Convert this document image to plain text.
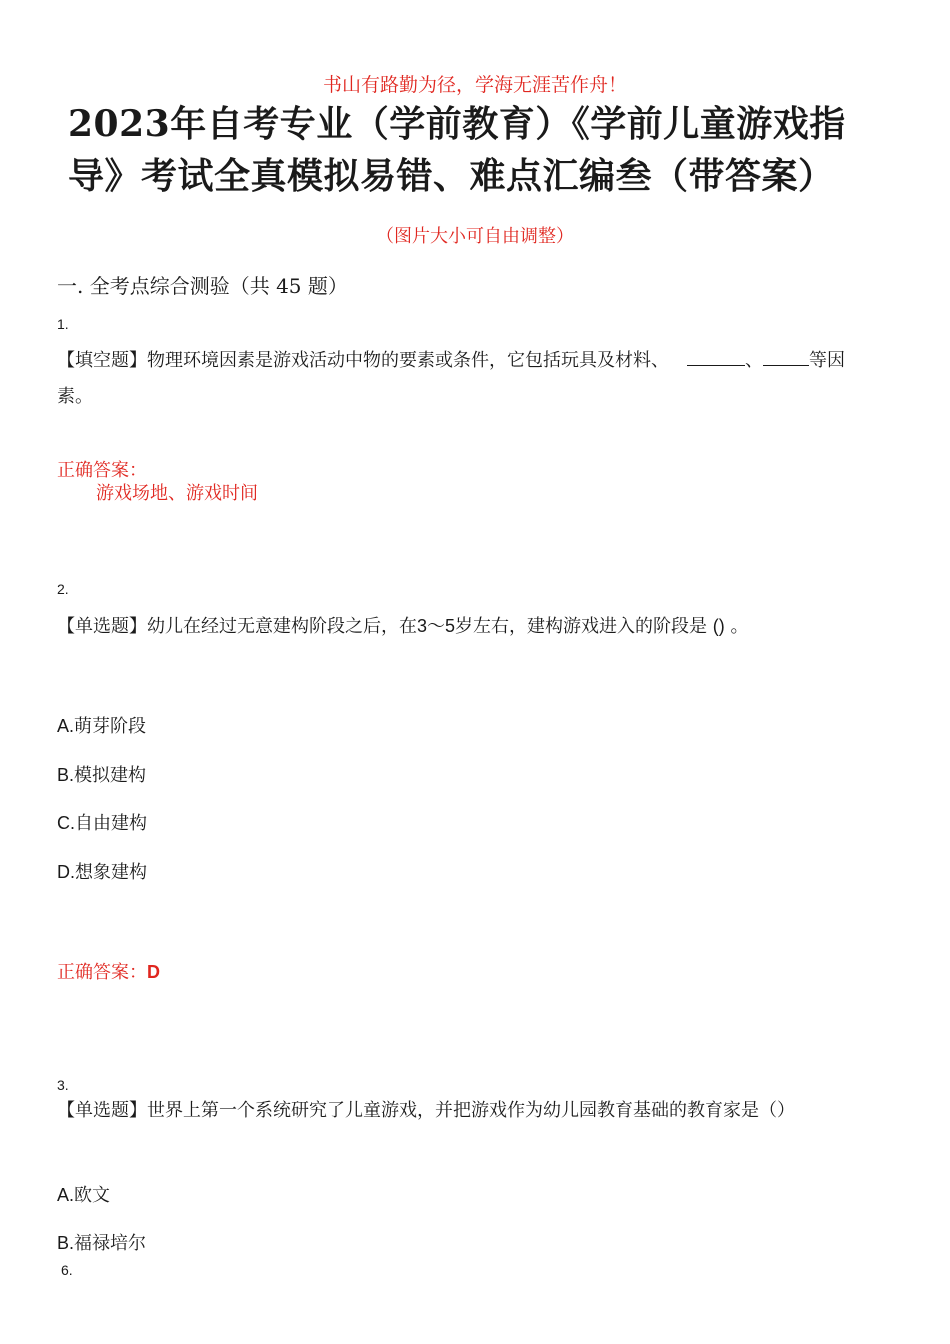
书山有路勤为径，学海无涯苦作舟！
2023年自考专业（学前教育）《学前儿童游戏指
导》考试全真模拟易错、难点汇编叁（带答案）
（图片大小可自由调整）
一. 全考点综合测验（共 45 题）
1.
【填空题】物理环境因素是游戏活动中物的要素或条件，它包括玩具及材料、	、	等因
素。
正确答案：
游戏场地、游戏时间
2.
【单选题】幼儿在经过无意建构阶段之后，在3～5岁左右，建构游戏进入的阶段是 () 。
A.萌芽阶段
B.模拟建构
C.自由建构
D.想象建构
正确答案：D
3.
【单选题】世界上第一个系统研究了儿童游戏，并把游戏作为幼儿园教育基础的教育家是（）
A.欧文
B.福禄培尔
6.
